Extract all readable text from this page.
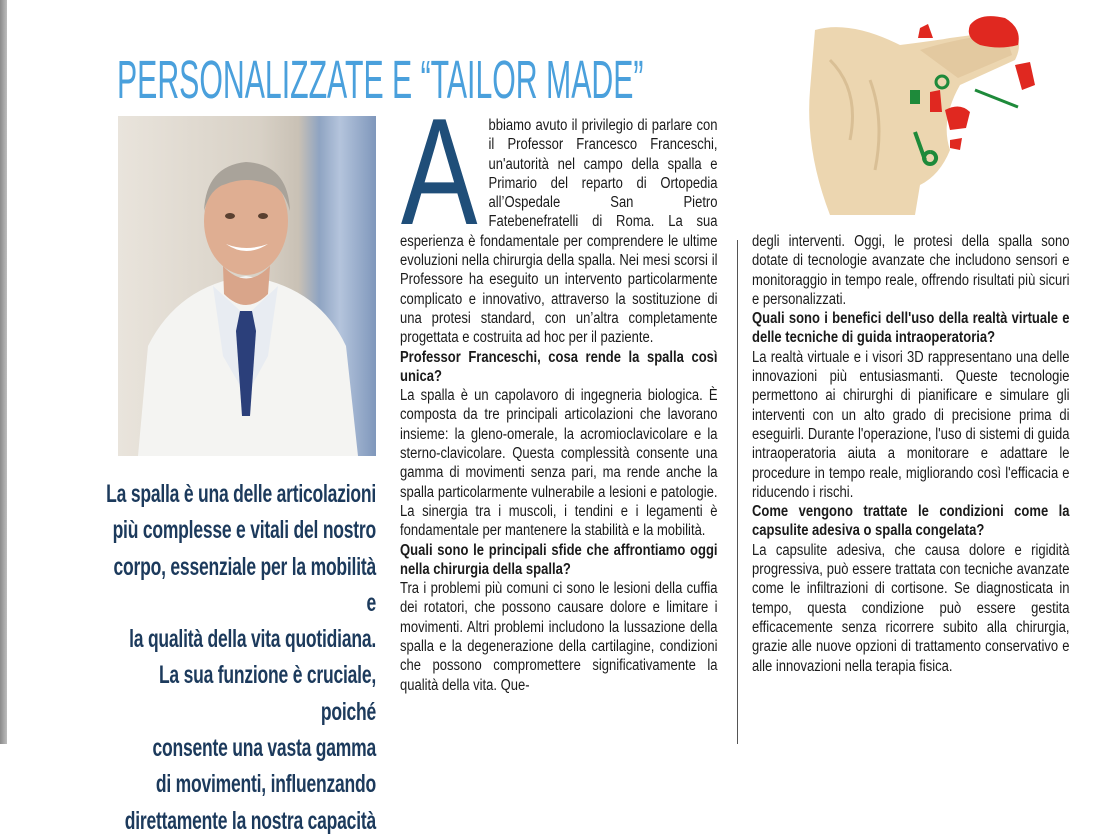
PERSONALIZZATE E “TAILOR MADE”
La spalla è una delle articolazioni
più complesse e vitali del nostro
corpo, essenziale per la mobilità e
la qualità della vita quotidiana.
La sua funzione è cruciale, poiché
consente una vasta gamma
di movimenti, influenzando
direttamente la nostra capacità

Abbiamo avuto il privilegio di parlare con il Professor Francesco Franceschi, un'autorità nel campo della spalla e Primario del reparto di Ortopedia all’Ospedale San Pietro Fatebenefratelli di Roma. La sua esperienza è fondamentale per comprendere le ultime evoluzioni nella chirurgia della spalla. Nei mesi scorsi il Professore ha eseguito un intervento particolarmente complicato e innovativo, attraverso la sostituzione di una protesi standard, con un’altra completamente progettata e costruita ad hoc per il paziente.

Professor Franceschi, cosa rende la spalla così unica?

La spalla è un capolavoro di ingegneria biologica. È composta da tre principali articolazioni che lavorano insieme: la gleno-omerale, la acromioclavicolare e la sterno-clavicolare. Questa complessità consente una gamma di movimenti senza pari, ma rende anche la spalla particolarmente vulnerabile a lesioni e patologie. La sinergia tra i muscoli, i tendini e i legamenti è fondamentale per mantenere la stabilità e la mobilità.

Quali sono le principali sfide che affrontiamo oggi nella chirurgia della spalla?

Tra i problemi più comuni ci sono le lesioni della cuffia dei rotatori, che possono causare dolore e limitare i movimenti. Altri problemi includono la lussazione della spalla e la degenerazione della cartilagine, condizioni che possono compromettere significativamente la qualità della vita. Que-

degli interventi. Oggi, le protesi della spalla sono dotate di tecnologie avanzate che includono sensori e monitoraggio in tempo reale, offrendo risultati più sicuri e personalizzati.

Quali sono i benefici dell'uso della realtà virtuale e delle tecniche di guida intraoperatoria?

La realtà virtuale e i visori 3D rappresentano una delle innovazioni più entusiasmanti. Queste tecnologie permettono ai chirurghi di pianificare e simulare gli interventi con un alto grado di precisione prima di eseguirli. Durante l'operazione, l'uso di sistemi di guida intraoperatoria aiuta a monitorare e adattare le procedure in tempo reale, migliorando così l'efficacia e riducendo i rischi.

Come vengono trattate le condizioni come la capsulite adesiva o spalla congelata?

La capsulite adesiva, che causa dolore e rigidità progressiva, può essere trattata con tecniche avanzate come le infiltrazioni di cortisone. Se diagnosticata in tempo, questa condizione può essere gestita efficacemente senza ricorrere subito alla chirurgia, grazie alle nuove opzioni di trattamento conservativo e alle innovazioni nella terapia fisica.
